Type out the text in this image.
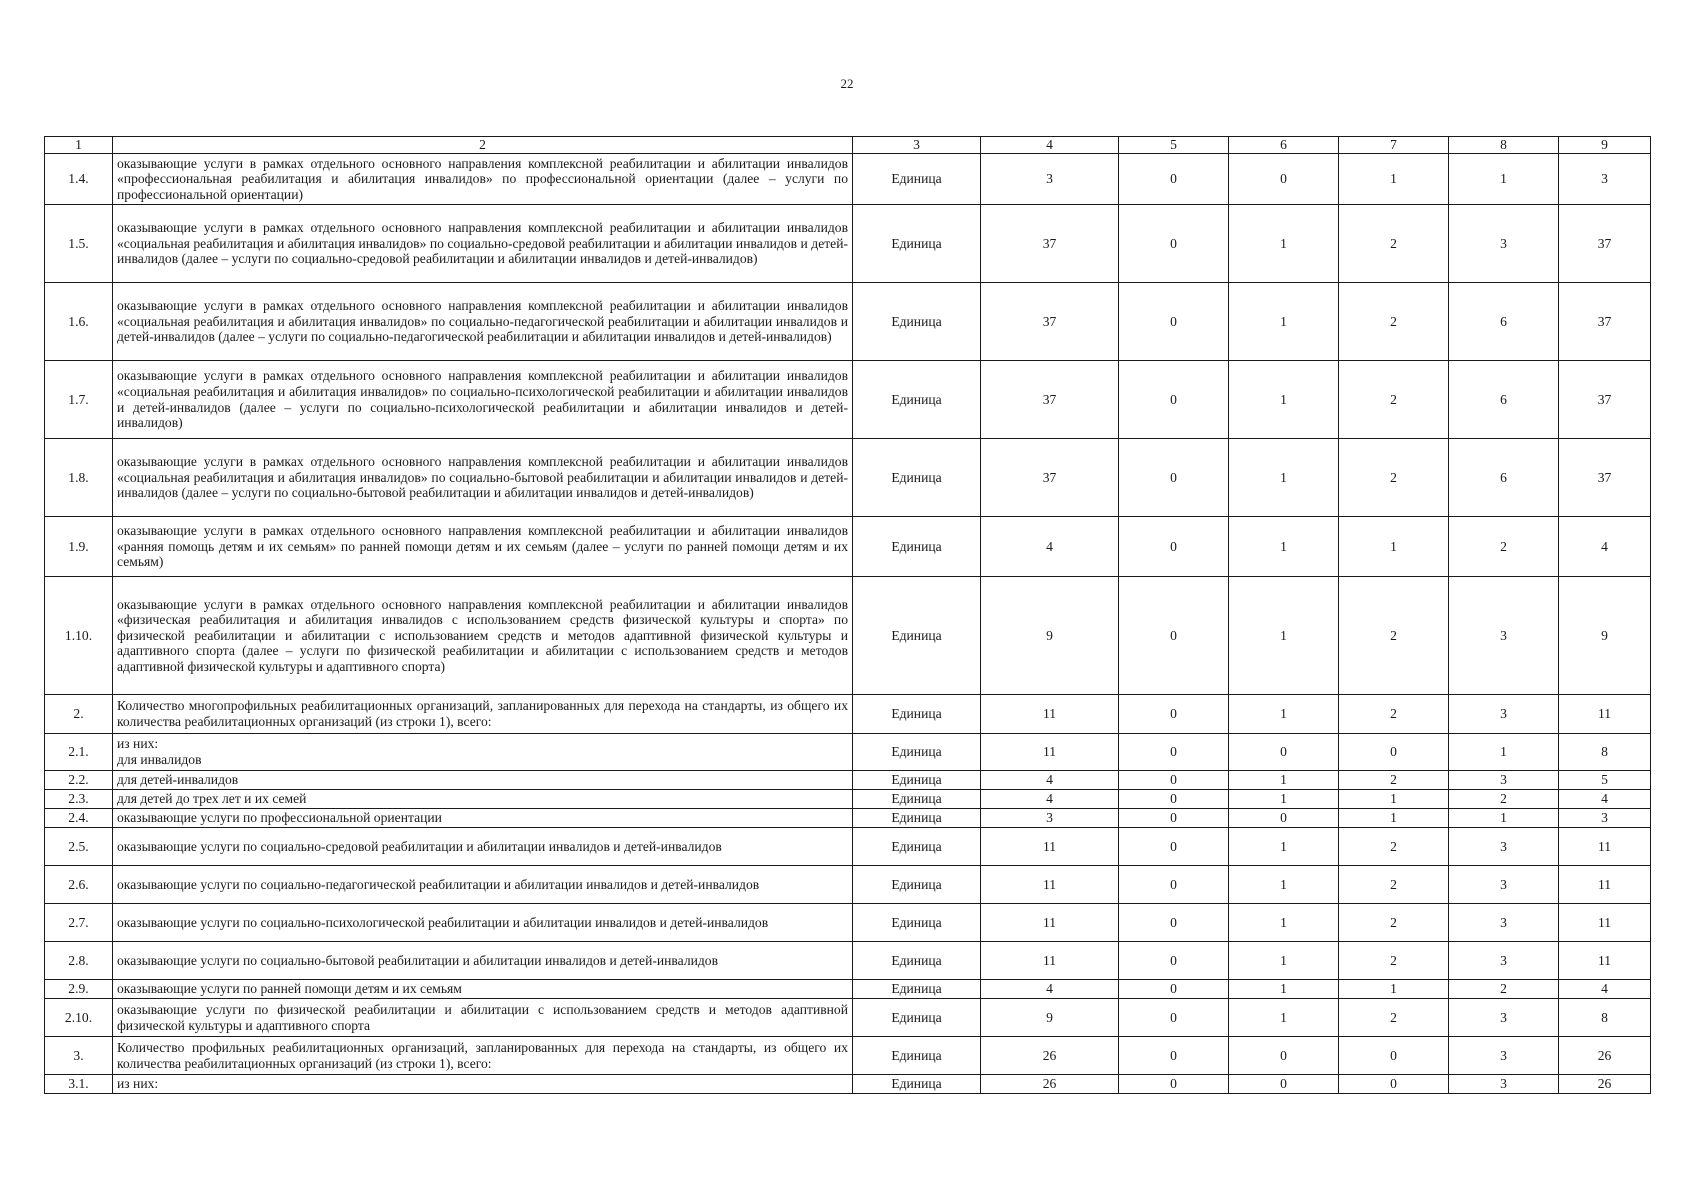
22
1	2	3	4	5	6	7	8	9
1.4.	оказывающие услуги в рамках отдельного основного направления комплексной реабилитации и абилитации инвалидов «профессиональная реабилитация и абилитация инвалидов» по профессиональной ориентации (далее – услуги по профессиональной ориентации)	Единица	3	0	0	1	1	3
1.5.	оказывающие услуги в рамках отдельного основного направления комплексной реабилитации и абилитации инвалидов «социальная реабилитация и абилитация инвалидов» по социально-средовой реабилитации и абилитации инвалидов и детей-инвалидов (далее – услуги по социально-средовой реабилитации и абилитации инвалидов и детей-инвалидов)	Единица	37	0	1	2	3	37
1.6.	оказывающие услуги в рамках отдельного основного направления комплексной реабилитации и абилитации инвалидов «социальная реабилитация и абилитация инвалидов» по социально-педагогической реабилитации и абилитации инвалидов и детей-инвалидов (далее – услуги по социально-педагогической реабилитации и абилитации инвалидов и детей-инвалидов)	Единица	37	0	1	2	6	37
1.7.	оказывающие услуги в рамках отдельного основного направления комплексной реабилитации и абилитации инвалидов «социальная реабилитация и абилитация инвалидов» по социально-психологической реабилитации и абилитации инвалидов и детей-инвалидов (далее – услуги по социально-психологической реабилитации и абилитации инвалидов и детей-инвалидов)	Единица	37	0	1	2	6	37
1.8.	оказывающие услуги в рамках отдельного основного направления комплексной реабилитации и абилитации инвалидов «социальная реабилитация и абилитация инвалидов» по социально-бытовой реабилитации и абилитации инвалидов и детей-инвалидов (далее – услуги по социально-бытовой реабилитации и абилитации инвалидов и детей-инвалидов)	Единица	37	0	1	2	6	37
1.9.	оказывающие услуги в рамках отдельного основного направления комплексной реабилитации и абилитации инвалидов «ранняя помощь детям и их семьям» по ранней помощи детям и их семьям (далее – услуги по ранней помощи детям и их семьям)	Единица	4	0	1	1	2	4
1.10.	оказывающие услуги в рамках отдельного основного направления комплексной реабилитации и абилитации инвалидов «физическая реабилитация и абилитация инвалидов с использованием средств физической культуры и спорта» по физической реабилитации и абилитации с использованием средств и методов адаптивной физической культуры и адаптивного спорта (далее – услуги по физической реабилитации и абилитации с использованием средств и методов адаптивной физической культуры и адаптивного спорта)	Единица	9	0	1	2	3	9
2.	Количество многопрофильных реабилитационных организаций, запланированных для перехода на стандарты, из общего их количества реабилитационных организаций (из строки 1), всего:	Единица	11	0	1	2	3	11
2.1.	из них:
для инвалидов	Единица	11	0	0	0	1	8
2.2.	для детей-инвалидов	Единица	4	0	1	2	3	5
2.3.	для детей до трех лет и их семей	Единица	4	0	1	1	2	4
2.4.	оказывающие услуги по профессиональной ориентации	Единица	3	0	0	1	1	3
2.5.	оказывающие услуги по социально-средовой реабилитации и абилитации инвалидов и детей-инвалидов	Единица	11	0	1	2	3	11
2.6.	оказывающие услуги по социально-педагогической реабилитации и абилитации инвалидов и детей-инвалидов	Единица	11	0	1	2	3	11
2.7.	оказывающие услуги по социально-психологической реабилитации и абилитации инвалидов и детей-инвалидов	Единица	11	0	1	2	3	11
2.8.	оказывающие услуги по социально-бытовой реабилитации и абилитации инвалидов и детей-инвалидов	Единица	11	0	1	2	3	11
2.9.	оказывающие услуги по ранней помощи детям и их семьям	Единица	4	0	1	1	2	4
2.10.	оказывающие услуги по физической реабилитации и абилитации с использованием средств и методов адаптивной физической культуры и адаптивного спорта	Единица	9	0	1	2	3	8
3.	Количество профильных реабилитационных организаций, запланированных для перехода на стандарты, из общего их количества реабилитационных организаций (из строки 1), всего:	Единица	26	0	0	0	3	26
3.1.	из них:	Единица	26	0	0	0	3	26
